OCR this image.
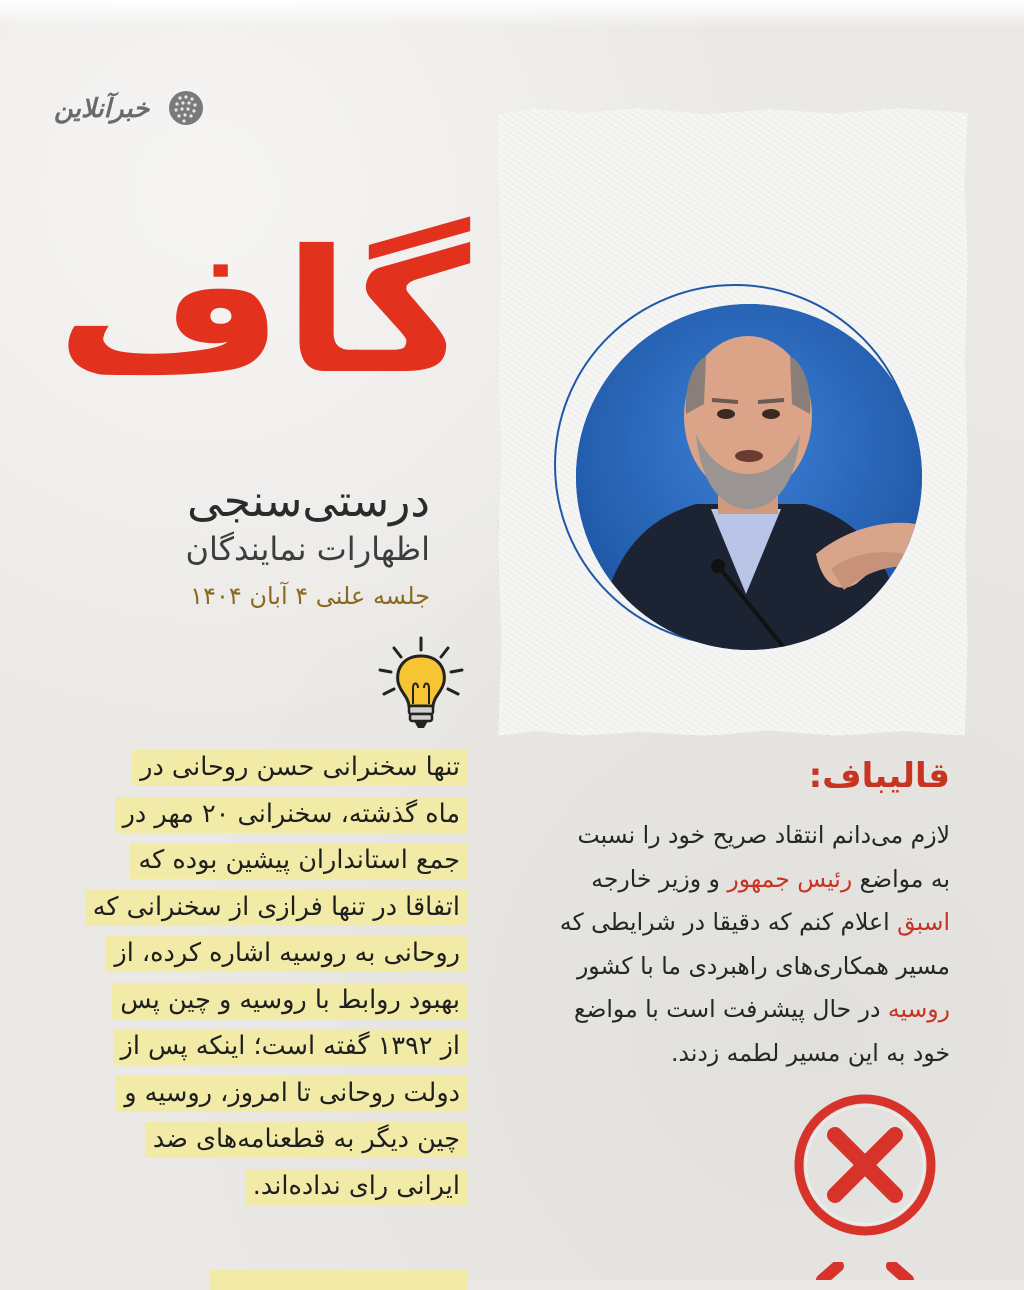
خبرآنلاین
گاف
درستی‌سنجی
اظهارات نمایندگان
جلسه علنی ۴ آبان ۱۴۰۴
تنها سخنرانی حسن روحانی در
ماه گذشته، سخنرانی ۲۰ مهر در
جمع استانداران پیشین بوده که
اتفاقا در تنها فرازی از سخنرانی که
روحانی به روسیه اشاره کرده، از
بهبود روابط با روسیه و چین پس
از ۱۳۹۲ گفته است؛ اینکه پس از
دولت روحانی تا امروز، روسیه و
چین دیگر به قطعنامه‌های ضد
ایرانی رای نداده‌اند.
قالیباف:
لازم می‌دانم انتقاد صریح خود را نسبت
به مواضع رئیس جمهور و وزیر خارجه
اسبق اعلام کنم که دقیقا در شرایطی که
مسیر همکاری‌های راهبردی ما با کشور
روسیه در حال پیشرفت است با مواضع
خود به این مسیر لطمه زدند.
